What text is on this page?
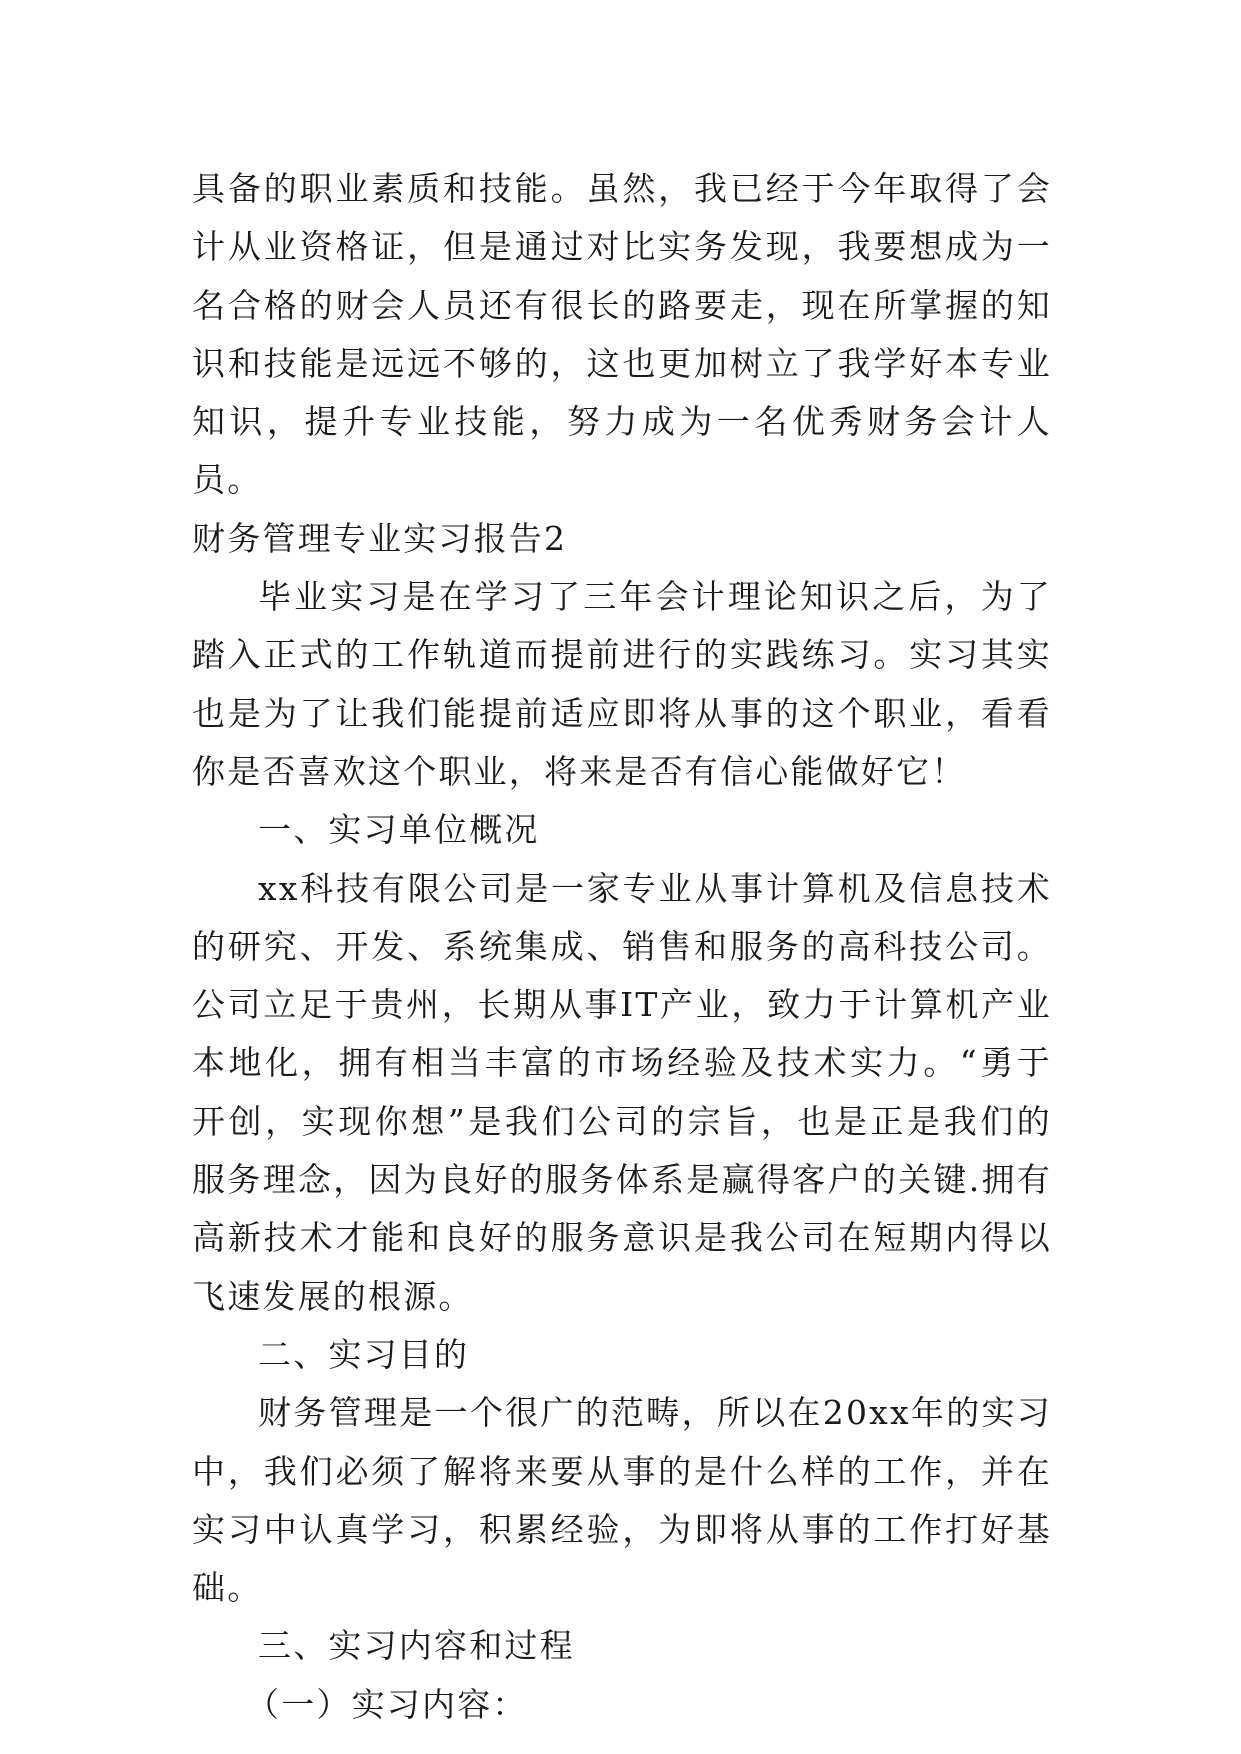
具备的职业素质和技能。虽然，我已经于今年取得了会计从业资格证，但是通过对比实务发现，我要想成为一名合格的财会人员还有很长的路要走，现在所掌握的知识和技能是远远不够的，这也更加树立了我学好本专业知识，提升专业技能，努力成为一名优秀财务会计人员。

财务管理专业实习报告2

毕业实习是在学习了三年会计理论知识之后，为了踏入正式的工作轨道而提前进行的实践练习。实习其实也是为了让我们能提前适应即将从事的这个职业，看看你是否喜欢这个职业，将来是否有信心能做好它！

一、实习单位概况

xx科技有限公司是一家专业从事计算机及信息技术的研究、开发、系统集成、销售和服务的高科技公司。公司立足于贵州，长期从事IT产业，致力于计算机产业本地化，拥有相当丰富的市场经验及技术实力。“勇于开创，实现你想”是我们公司的宗旨，也是正是我们的服务理念，因为良好的服务体系是赢得客户的关键.拥有高新技术才能和良好的服务意识是我公司在短期内得以飞速发展的根源。

二、实习目的

财务管理是一个很广的范畴，所以在20xx年的实习中，我们必须了解将来要从事的是什么样的工作，并在实习中认真学习，积累经验，为即将从事的工作打好基础。

三、实习内容和过程

（一）实习内容：
